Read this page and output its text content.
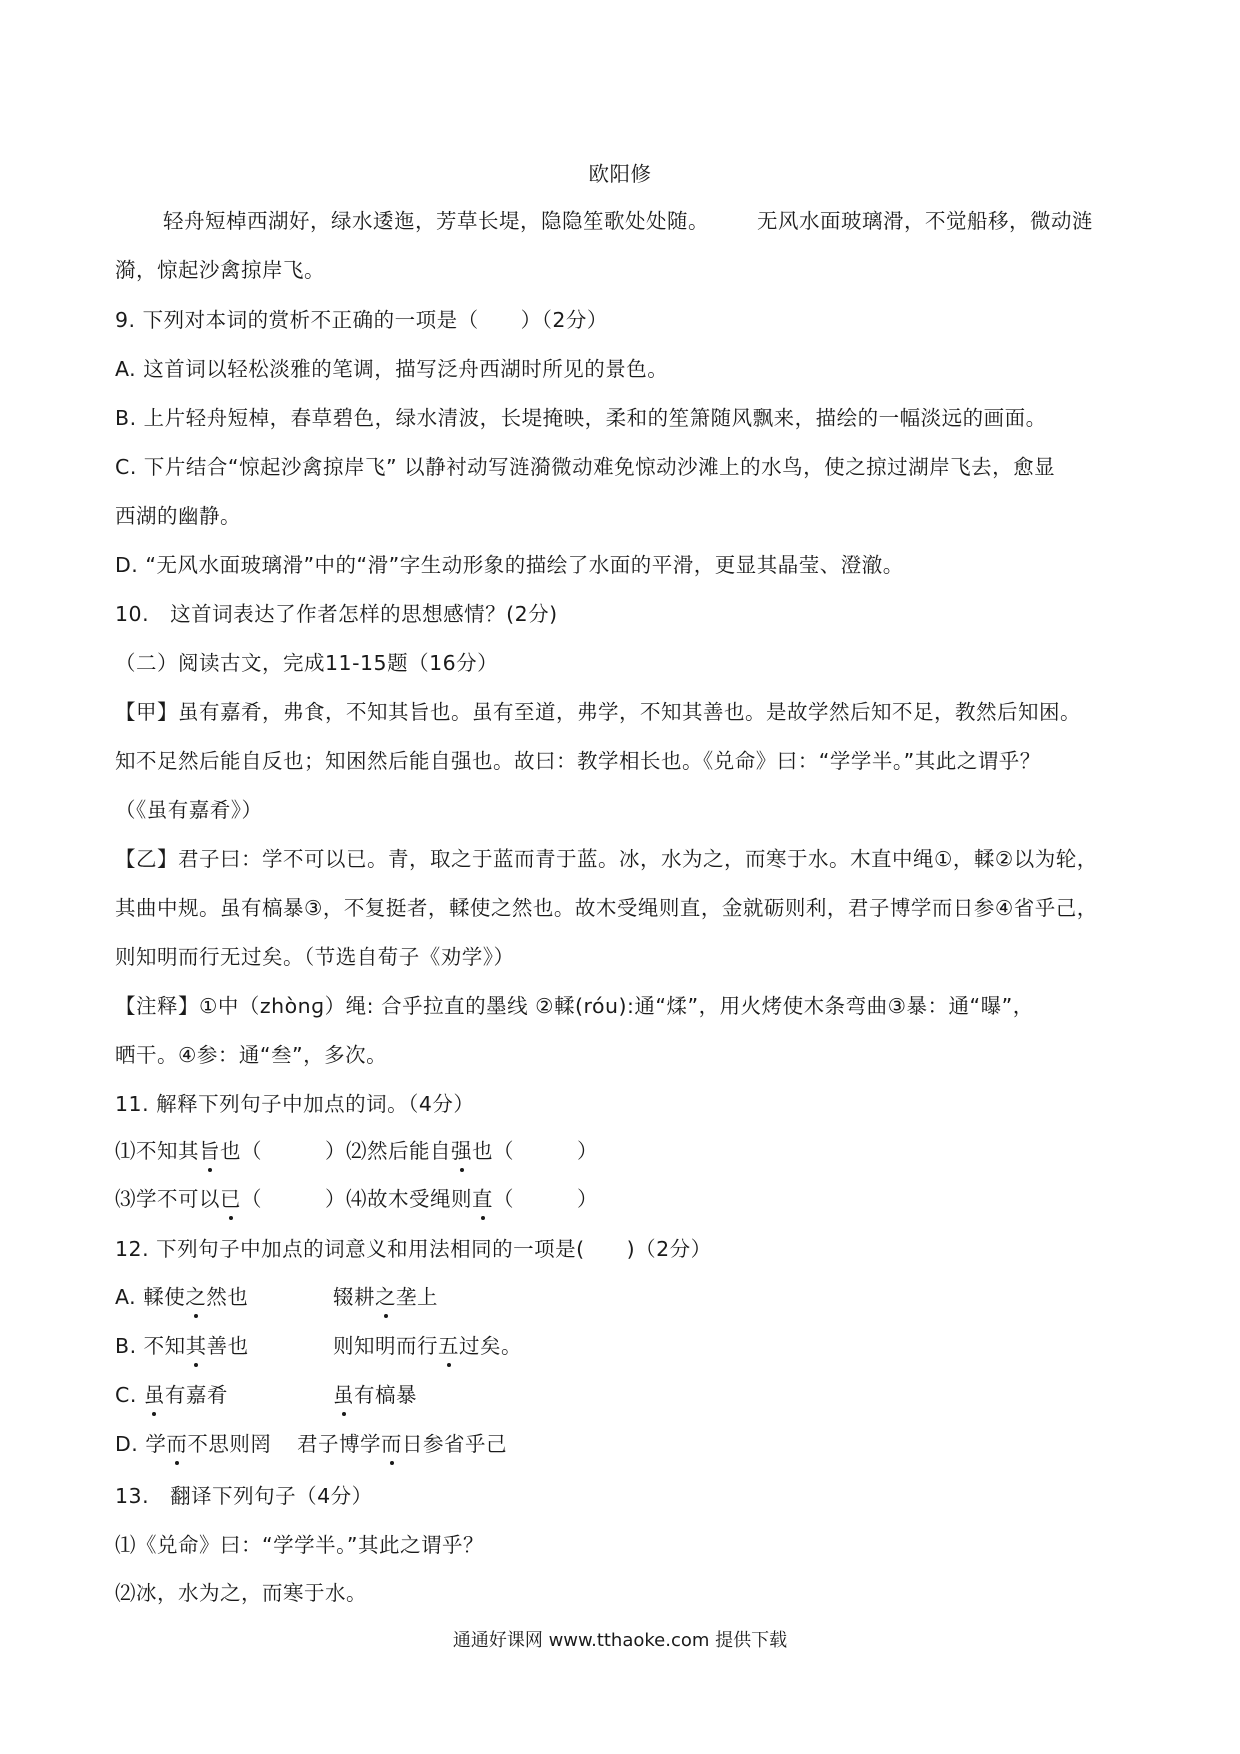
欧阳修
轻舟短棹西湖好，绿水逶迤，芳草长堤，隐隐笙歌处处随。 无风水面玻璃滑，不觉船移，微动涟
漪，惊起沙禽掠岸飞。
9. 下列对本词的赏析不正确的一项是（　　）（2分）
A. 这首词以轻松淡雅的笔调，描写泛舟西湖时所见的景色。
B. 上片轻舟短棹，春草碧色，绿水清波，长堤掩映，柔和的笙箫随风飘来，描绘的一幅淡远的画面。
C. 下片结合“惊起沙禽掠岸飞” 以静衬动写涟漪微动难免惊动沙滩上的水鸟，使之掠过湖岸飞去，愈显
西湖的幽静。
D. “无风水面玻璃滑”中的“滑”字生动形象的描绘了水面的平滑，更显其晶莹、澄澈。
10.　这首词表达了作者怎样的思想感情？(2分)
（二）阅读古文，完成11-15题（16分）
【甲】虽有嘉肴，弗食，不知其旨也。虽有至道，弗学，不知其善也。是故学然后知不足，教然后知困。
知不足然后能自反也；知困然后能自强也。故曰：教学相长也。《兑命》曰：“学学半。”其此之谓乎？
（《虽有嘉肴》）
【乙】君子曰：学不可以已。青，取之于蓝而青于蓝。冰，水为之，而寒于水。木直中绳①，輮②以为轮，
其曲中规。虽有槁暴③，不复挺者，輮使之然也。故木受绳则直，金就砺则利，君子博学而日参④省乎己，
则知明而行无过矣。（节选自荀子《劝学》）
【注释】①中（zhònɡ）绳: 合乎拉直的墨线 ②輮(róu):通“煣”，用火烤使木条弯曲③暴：通“曝”，
晒干。④参：通“叁”，多次。
11. 解释下列句子中加点的词。（4分）
⑴不知其旨也（　　　）⑵然后能自强也（　　　）
⑶学不可以已（　　　）⑷故木受绳则直（　　　）
12. 下列句子中加点的词意义和用法相同的一项是(　　)（2分）
A. 輮使之然也	辍耕之垄上
B. 不知其善也	则知明而行五过矣。
C. 虽有嘉肴	虽有槁暴
D. 学而不思则罔 君子博学而日参省乎己
13.　翻译下列句子（4分）
⑴《兑命》曰：“学学半。”其此之谓乎？
⑵冰，水为之，而寒于水。
通通好课网 www.tthaoke.com 提供下载
